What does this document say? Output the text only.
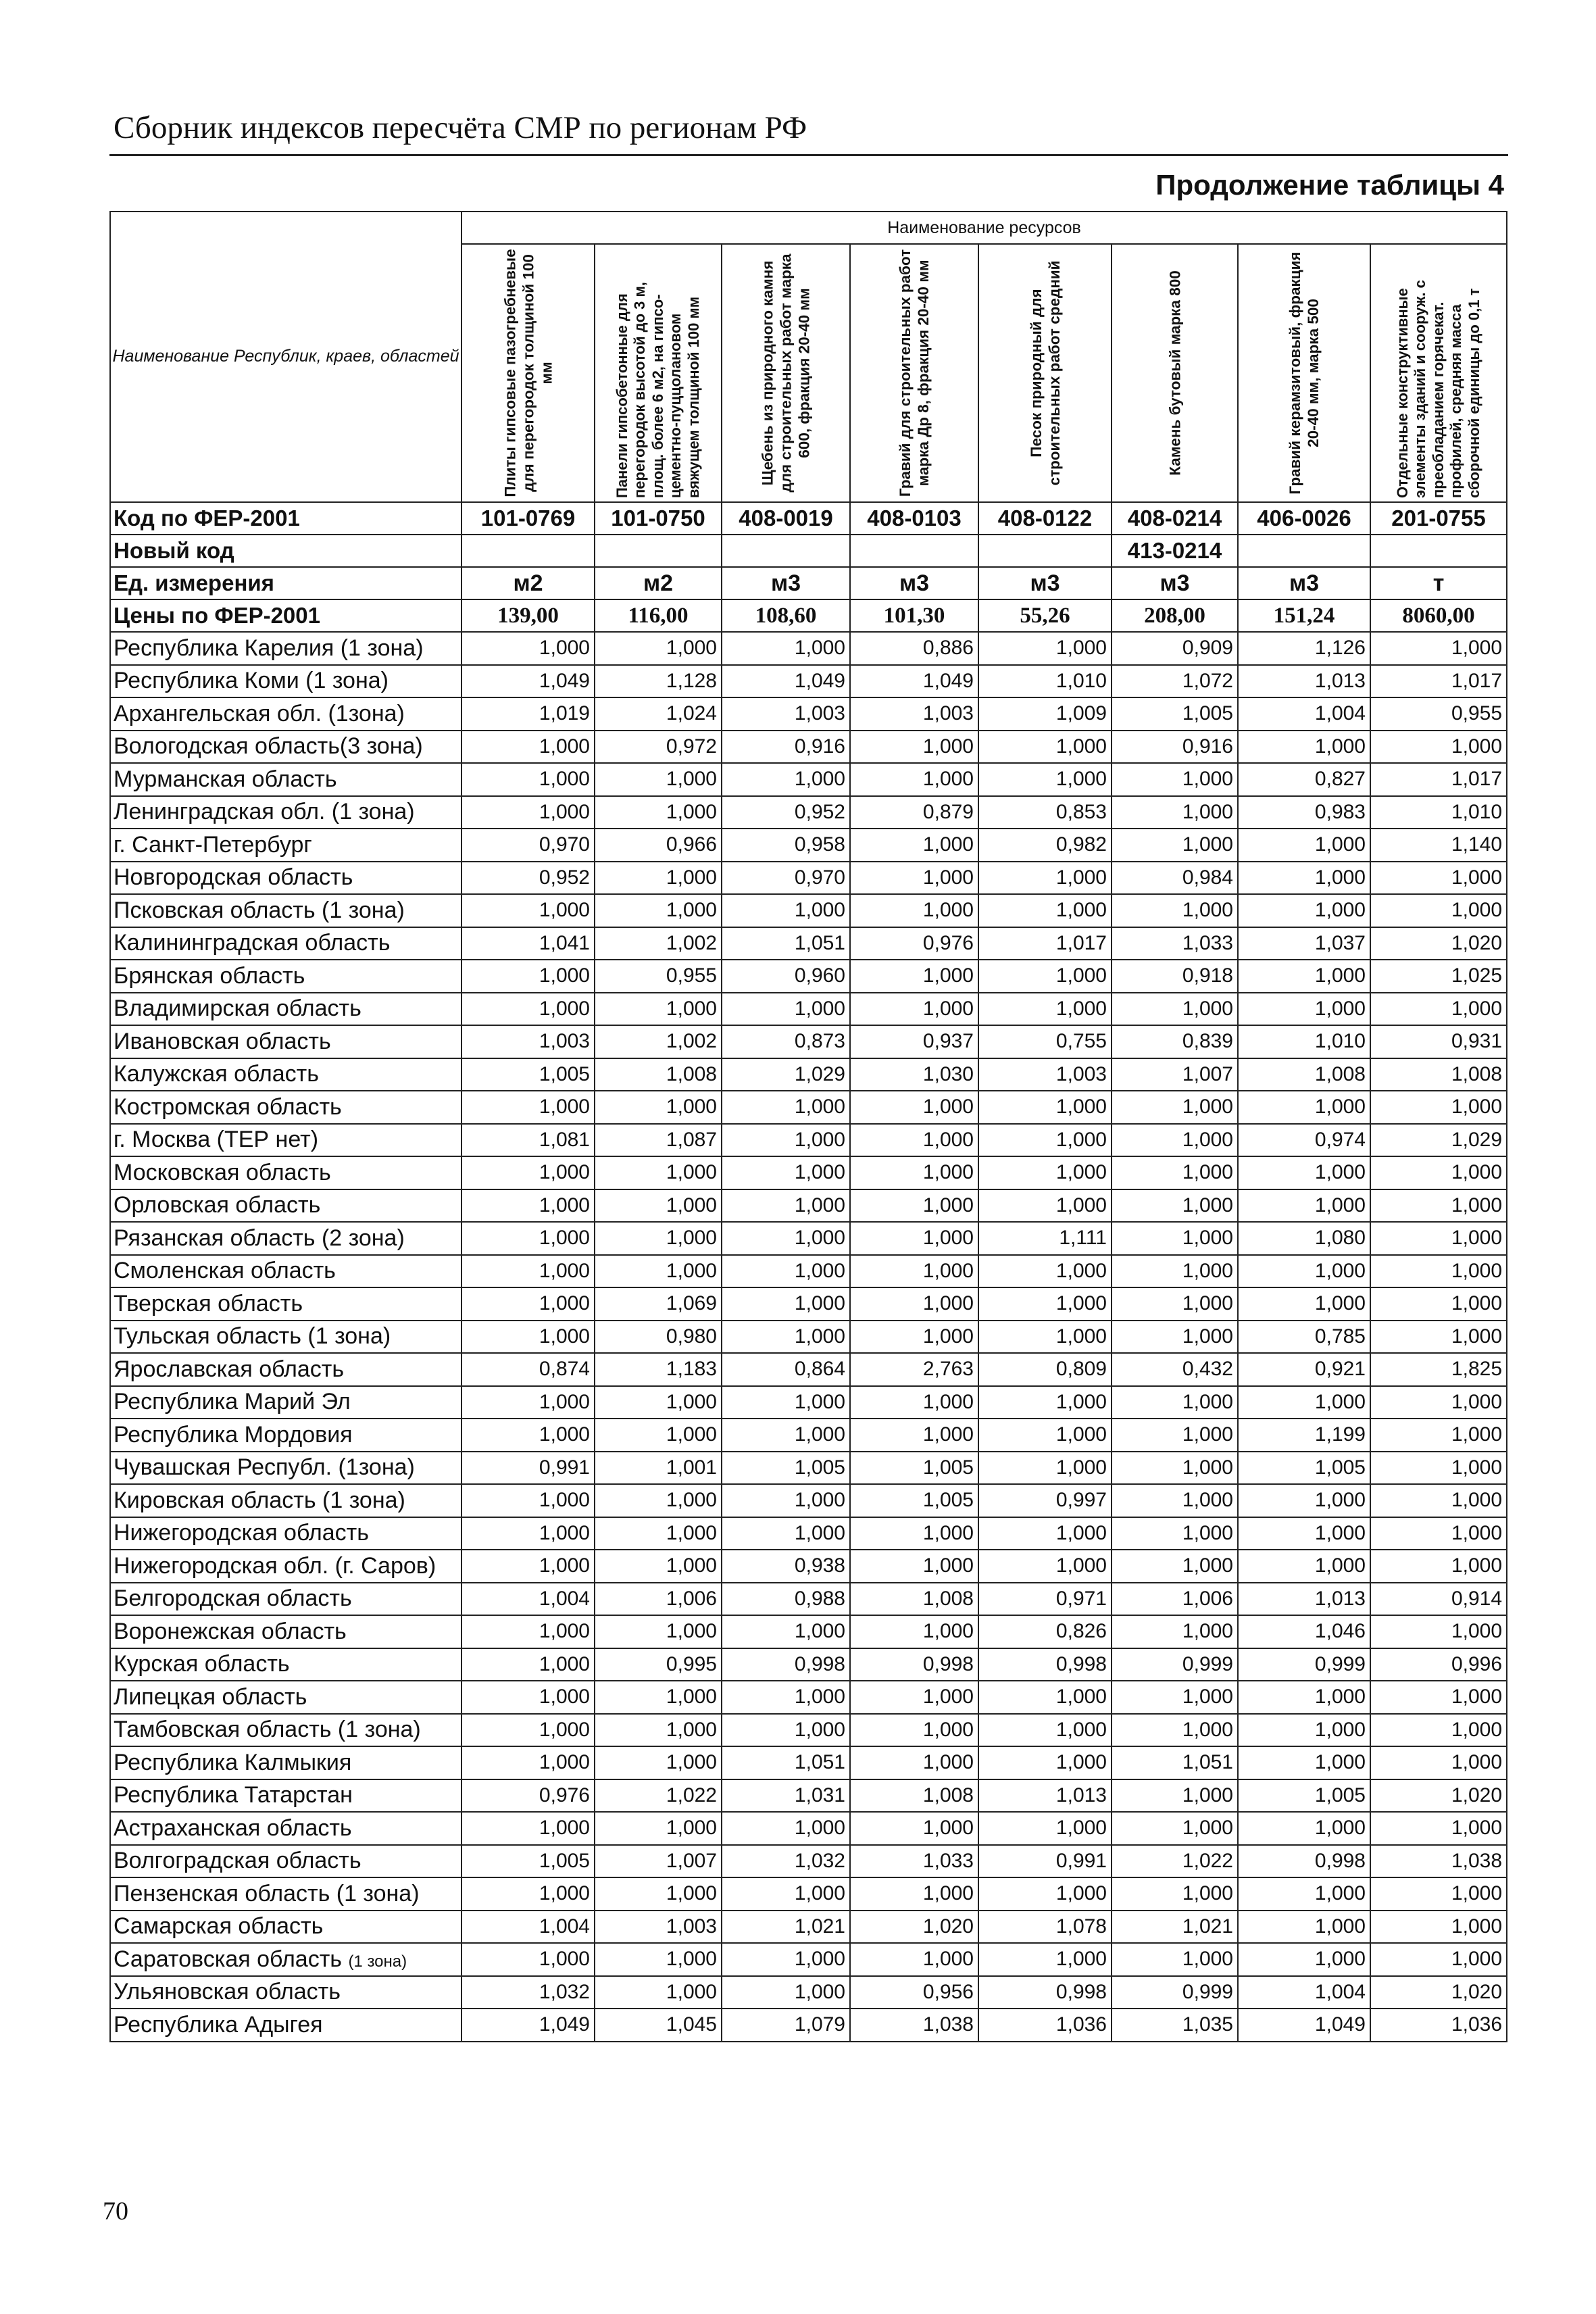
Сборник индексов пересчёта СМР по регионам РФ
Продолжение таблицы 4
Наименование Республик, краев, областей	Наименование ресурсов							

	Плиты гипсовые пазогребневые для перегородок толщиной 100 мм	Панели гипсобетонные для перегородок высотой до 3 м, площ. более 6 м2, на гипсо-цементно-пуццолановом вяжущем толщиной 100 мм	Щебень из природного камня для строительных работ марка 600, фракция 20-40 мм	Гравий для строительных работ марка Др 8, фракция 20-40 мм	Песок природный для строительных работ средний	Камень бутовый марка 800	Гравий керамзитовый, фракция 20-40 мм, марка 500	Отдельные конструктивные элементы зданий и сооруж. с преобладанием горячекат. профилей, средняя масса сборочной единицы до 0,1 т

Код по ФЕР-2001	101-0769	101-0750	408-0019	408-0103	408-0122	408-0214	406-0026	201-0755
Новый код						413-0214		
Ед. измерения	м2	м2	м3	м3	м3	м3	м3	т
Цены по ФЕР-2001	139,00	116,00	108,60	101,30	55,26	208,00	151,24	8060,00
Республика Карелия (1 зона)	1,000	1,000	1,000	0,886	1,000	0,909	1,126	1,000
Республика Коми (1 зона)	1,049	1,128	1,049	1,049	1,010	1,072	1,013	1,017
Архангельская обл. (1зона)	1,019	1,024	1,003	1,003	1,009	1,005	1,004	0,955
Вологодская область(3 зона)	1,000	0,972	0,916	1,000	1,000	0,916	1,000	1,000
Мурманская область	1,000	1,000	1,000	1,000	1,000	1,000	0,827	1,017
Ленинградская обл. (1 зона)	1,000	1,000	0,952	0,879	0,853	1,000	0,983	1,010
г. Санкт-Петербург	0,970	0,966	0,958	1,000	0,982	1,000	1,000	1,140
Новгородская область	0,952	1,000	0,970	1,000	1,000	0,984	1,000	1,000
Псковская область (1 зона)	1,000	1,000	1,000	1,000	1,000	1,000	1,000	1,000
Калининградская область	1,041	1,002	1,051	0,976	1,017	1,033	1,037	1,020
Брянская область	1,000	0,955	0,960	1,000	1,000	0,918	1,000	1,025
Владимирская область	1,000	1,000	1,000	1,000	1,000	1,000	1,000	1,000
Ивановская область	1,003	1,002	0,873	0,937	0,755	0,839	1,010	0,931
Калужская область	1,005	1,008	1,029	1,030	1,003	1,007	1,008	1,008
Костромская область	1,000	1,000	1,000	1,000	1,000	1,000	1,000	1,000
г. Москва (ТЕР нет)	1,081	1,087	1,000	1,000	1,000	1,000	0,974	1,029
Московская область	1,000	1,000	1,000	1,000	1,000	1,000	1,000	1,000
Орловская область	1,000	1,000	1,000	1,000	1,000	1,000	1,000	1,000
Рязанская область (2 зона)	1,000	1,000	1,000	1,000	1,111	1,000	1,080	1,000
Смоленская область	1,000	1,000	1,000	1,000	1,000	1,000	1,000	1,000
Тверская область	1,000	1,069	1,000	1,000	1,000	1,000	1,000	1,000
Тульская область (1 зона)	1,000	0,980	1,000	1,000	1,000	1,000	0,785	1,000
Ярославская область	0,874	1,183	0,864	2,763	0,809	0,432	0,921	1,825
Республика Марий Эл	1,000	1,000	1,000	1,000	1,000	1,000	1,000	1,000
Республика Мордовия	1,000	1,000	1,000	1,000	1,000	1,000	1,199	1,000
Чувашская Республ. (1зона)	0,991	1,001	1,005	1,005	1,000	1,000	1,005	1,000
Кировская область (1 зона)	1,000	1,000	1,000	1,005	0,997	1,000	1,000	1,000
Нижегородская область	1,000	1,000	1,000	1,000	1,000	1,000	1,000	1,000
Нижегородская обл. (г. Саров)	1,000	1,000	0,938	1,000	1,000	1,000	1,000	1,000
Белгородская область	1,004	1,006	0,988	1,008	0,971	1,006	1,013	0,914
Воронежская область	1,000	1,000	1,000	1,000	0,826	1,000	1,046	1,000
Курская область	1,000	0,995	0,998	0,998	0,998	0,999	0,999	0,996
Липецкая область	1,000	1,000	1,000	1,000	1,000	1,000	1,000	1,000
Тамбовская область (1 зона)	1,000	1,000	1,000	1,000	1,000	1,000	1,000	1,000
Республика Калмыкия	1,000	1,000	1,051	1,000	1,000	1,051	1,000	1,000
Республика Татарстан	0,976	1,022	1,031	1,008	1,013	1,000	1,005	1,020
Астраханская область	1,000	1,000	1,000	1,000	1,000	1,000	1,000	1,000
Волгоградская область	1,005	1,007	1,032	1,033	0,991	1,022	0,998	1,038
Пензенская область (1 зона)	1,000	1,000	1,000	1,000	1,000	1,000	1,000	1,000
Самарская область	1,004	1,003	1,021	1,020	1,078	1,021	1,000	1,000
Саратовская область (1 зона)	1,000	1,000	1,000	1,000	1,000	1,000	1,000	1,000
Ульяновская область	1,032	1,000	1,000	0,956	0,998	0,999	1,004	1,020
Республика Адыгея	1,049	1,045	1,079	1,038	1,036	1,035	1,049	1,036
70
